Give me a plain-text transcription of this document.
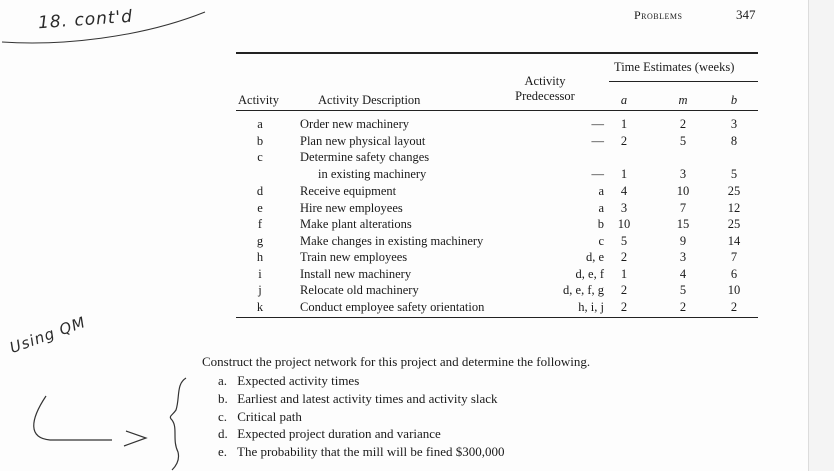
18. cont'd
Using QM
Problems	347
Time Estimates (weeks)
Activity
Predecessor
Activity	Activity Description	a	m	b
a	Order new machinery	—	1	2	3
b	Plan new physical layout	—	2	5	8
c	Determine safety changes
in existing machinery	—	1	3	5
d	Receive equipment	a	4	10	25
e	Hire new employees	a	3	7	12
f	Make plant alterations	b	10	15	25
g	Make changes in existing machinery	c	5	9	14
h	Train new employees	d, e	2	3	7
i	Install new machinery	d, e, f	1	4	6
j	Relocate old machinery	d, e, f, g	2	5	10
k	Conduct employee safety orientation	h, i, j	2	2	2
Construct the project network for this project and determine the following.
a. Expected activity times
b. Earliest and latest activity times and activity slack
c. Critical path
d. Expected project duration and variance
e. The probability that the mill will be fined $300,000
